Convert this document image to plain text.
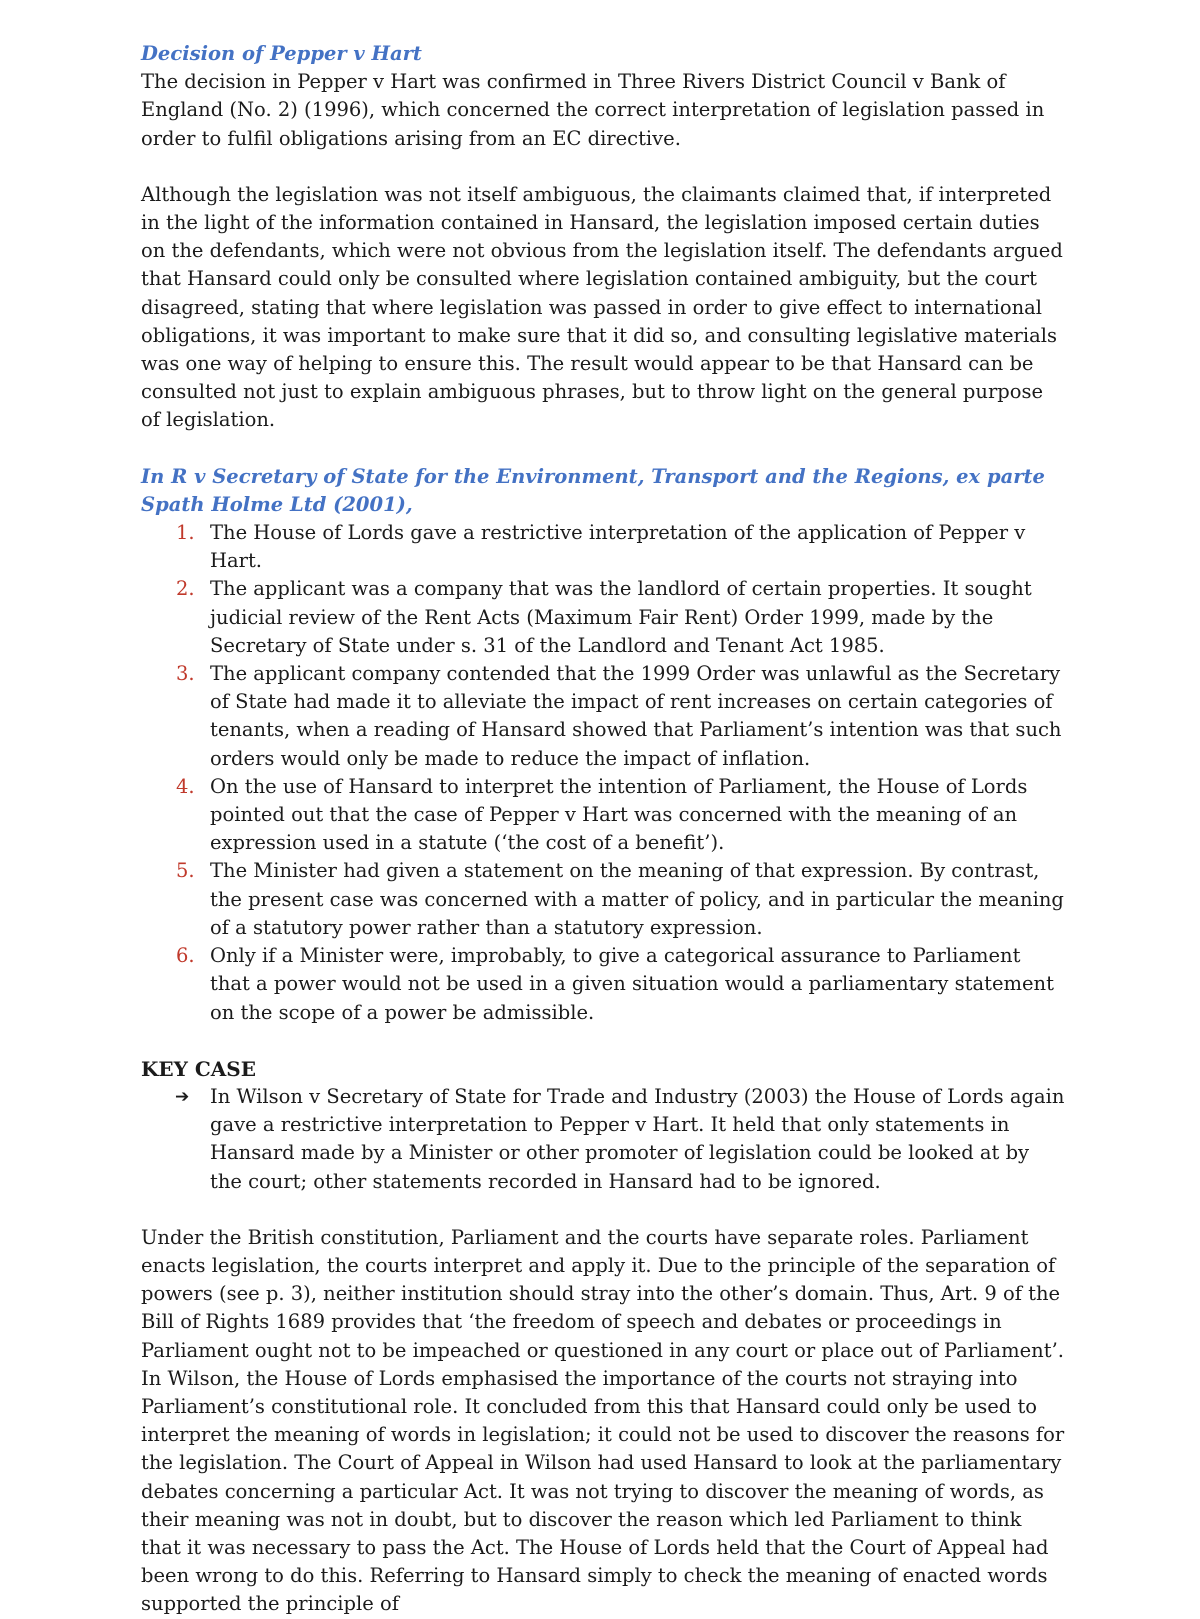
Decision of Pepper v Hart

The decision in Pepper v Hart was confirmed in Three Rivers District Council v Bank of England (No. 2) (1996), which concerned the correct interpretation of legislation passed in order to fulfil obligations arising from an EC directive.

Although the legislation was not itself ambiguous, the claimants claimed that, if interpreted in the light of the information contained in Hansard, the legislation imposed certain duties on the defendants, which were not obvious from the legislation itself. The defendants argued that Hansard could only be consulted where legislation contained ambiguity, but the court disagreed, stating that where legislation was passed in order to give effect to international obligations, it was important to make sure that it did so, and consulting legislative materials was one way of helping to ensure this. The result would appear to be that Hansard can be consulted not just to explain ambiguous phrases, but to throw light on the general purpose of legislation.

In R v Secretary of State for the Environment, Transport and the Regions, ex parte Spath Holme Ltd (2001),

1. The House of Lords gave a restrictive interpretation of the application of Pepper v Hart.
2. The applicant was a company that was the landlord of certain properties. It sought judicial review of the Rent Acts (Maximum Fair Rent) Order 1999, made by the Secretary of State under s. 31 of the Landlord and Tenant Act 1985.
3. The applicant company contended that the 1999 Order was unlawful as the Secretary of State had made it to alleviate the impact of rent increases on certain categories of tenants, when a reading of Hansard showed that Parliament’s intention was that such orders would only be made to reduce the impact of inflation.
4. On the use of Hansard to interpret the intention of Parliament, the House of Lords pointed out that the case of Pepper v Hart was concerned with the meaning of an expression used in a statute (‘the cost of a benefit’).
5. The Minister had given a statement on the meaning of that expression. By contrast, the present case was concerned with a matter of policy, and in particular the meaning of a statutory power rather than a statutory expression.
6. Only if a Minister were, improbably, to give a categorical assurance to Parliament that a power would not be used in a given situation would a parliamentary statement on the scope of a power be admissible.

KEY CASE

➔ In Wilson v Secretary of State for Trade and Industry (2003) the House of Lords again gave a restrictive interpretation to Pepper v Hart. It held that only statements in Hansard made by a Minister or other promoter of legislation could be looked at by the court; other statements recorded in Hansard had to be ignored.

Under the British constitution, Parliament and the courts have separate roles. Parliament enacts legislation, the courts interpret and apply it. Due to the principle of the separation of powers (see p. 3), neither institution should stray into the other’s domain. Thus, Art. 9 of the Bill of Rights 1689 provides that ‘the freedom of speech and debates or proceedings in Parliament ought not to be impeached or questioned in any court or place out of Parliament’. In Wilson, the House of Lords emphasised the importance of the courts not straying into Parliament’s constitutional role. It concluded from this that Hansard could only be used to interpret the meaning of words in legislation; it could not be used to discover the reasons for the legislation. The Court of Appeal in Wilson had used Hansard to look at the parliamentary debates concerning a particular Act. It was not trying to discover the meaning of words, as their meaning was not in doubt, but to discover the reason which led Parliament to think that it was necessary to pass the Act. The House of Lords held that the Court of Appeal had been wrong to do this. Referring to Hansard simply to check the meaning of enacted words supported the principle of
